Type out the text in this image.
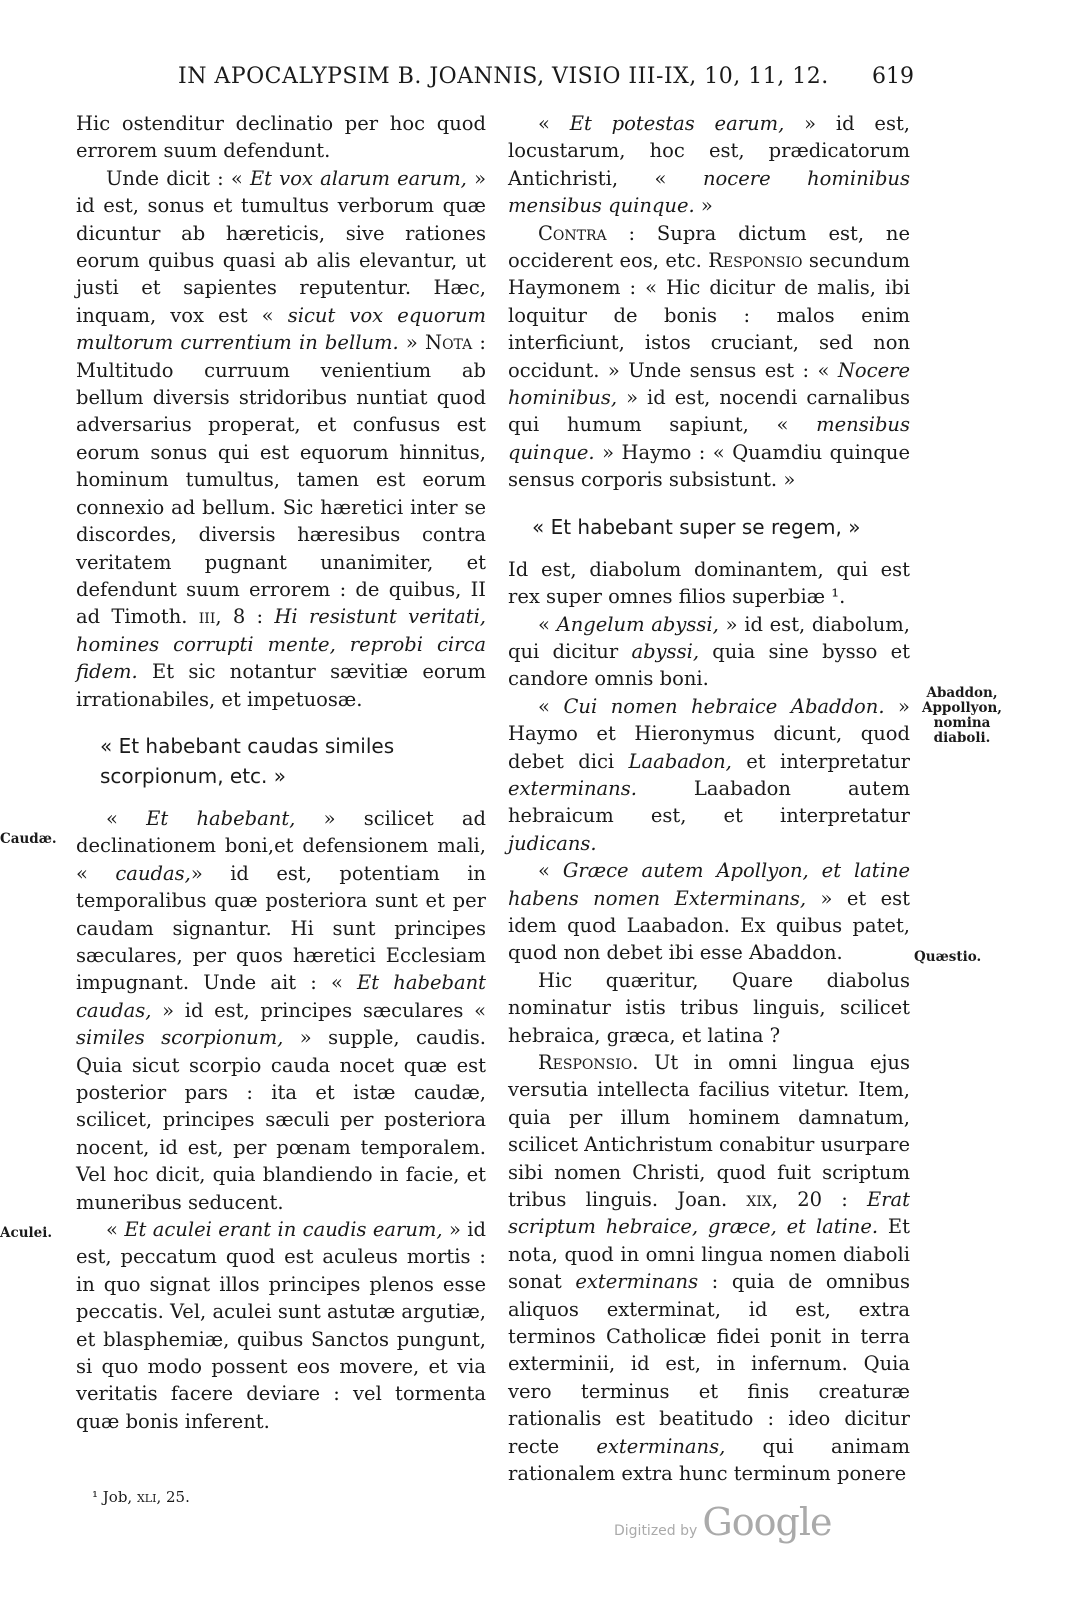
IN APOCALYPSIM B. JOANNIS, VISIO III-IX, 10, 11, 12. 619

Hic ostenditur declinatio per hoc quod errorem suum defendunt.

Unde dicit : « Et vox alarum earum, » id est, sonus et tumultus verborum quæ dicuntur ab hæreticis, sive rationes eorum quibus quasi ab alis elevantur, ut justi et sapientes reputentur. Hæc, inquam, vox est « sicut vox equorum multorum currentium in bellum. » Nota : Multitudo curruum venientium ab bellum diversis stridoribus nuntiat quod adversarius properat, et confusus est eorum sonus qui est equorum hinnitus, hominum tumultus, tamen est eorum connexio ad bellum. Sic hæretici inter se discordes, diversis hæresibus contra veritatem pugnant unanimiter, et defendunt suum errorem : de quibus, II ad Timoth. iii, 8 : Hi resistunt veritati, homines corrupti mente, reprobi circa fidem. Et sic notantur sævitiæ eorum irrationabiles, et impetuosæ.

« Et habebant caudas similes scorpionum, etc. »

« Et habebant, » scilicet ad declinationem boni,et defensionem mali, « caudas,» id est, potentiam in temporalibus quæ posteriora sunt et per caudam signantur. Hi sunt principes sæculares, per quos hæretici Ecclesiam impugnant. Unde ait : « Et habebant caudas, » id est, principes sæculares « similes scorpionum, » supple, caudis. Quia sicut scorpio cauda nocet quæ est posterior pars : ita et istæ caudæ, scilicet, principes sæculi per posteriora nocent, id est, per pœnam temporalem. Vel hoc dicit, quia blandiendo in facie, et muneribus seducent.

« Et aculei erant in caudis earum, » id est, peccatum quod est aculeus mortis : in quo signat illos principes plenos esse peccatis. Vel, aculei sunt astutæ argutiæ, et blasphemiæ, quibus Sanctos pungunt, si quo modo possent eos movere, et via veritatis facere deviare : vel tormenta quæ bonis inferent.

« Et potestas earum, » id est, locustarum, hoc est, prædicatorum Antichristi, « nocere hominibus mensibus quinque. »

Contra : Supra dictum est, ne occiderent eos, etc. Responsio secundum Haymonem : « Hic dicitur de malis, ibi loquitur de bonis : malos enim interficiunt, istos cruciant, sed non occidunt. » Unde sensus est : « Nocere hominibus, » id est, nocendi carnalibus qui humum sapiunt, « mensibus quinque. » Haymo : « Quamdiu quinque sensus corporis subsistunt. »

« Et habebant super se regem, »

Id est, diabolum dominantem, qui est rex super omnes filios superbiæ ¹.

« Angelum abyssi, » id est, diabolum, qui dicitur abyssi, quia sine bysso et candore omnis boni.

« Cui nomen hebraice Abaddon. » Haymo et Hieronymus dicunt, quod debet dici Laabadon, et interpretatur exterminans. Laabadon autem hebraicum est, et interpretatur judicans.

« Græce autem Apollyon, et latine habens nomen Exterminans, » et est idem quod Laabadon. Ex quibus patet, quod non debet ibi esse Abaddon.

Hic quæritur, Quare diabolus nominatur istis tribus linguis, scilicet hebraica, græca, et latina ?

Responsio. Ut in omni lingua ejus versutia intellecta facilius vitetur. Item, quia per illum hominem damnatum, scilicet Antichristum conabitur usurpare sibi nomen Christi, quod fuit scriptum tribus linguis. Joan. xix, 20 : Erat scriptum hebraice, græce, et latine. Et nota, quod in omni lingua nomen diaboli sonat exterminans : quia de omnibus aliquos exterminat, id est, extra terminos Catholicæ fidei ponit in terra exterminii, id est, in infernum. Quia vero terminus et finis creaturæ rationalis est beatitudo : ideo dicitur recte exterminans, qui animam rationalem extra hunc terminum ponere

Caudæ.
Aculei.
Abaddon,
Appollyon,
nomina
diaboli.
Quæstio.
¹ Job, xli, 25.
Digitized by Google
